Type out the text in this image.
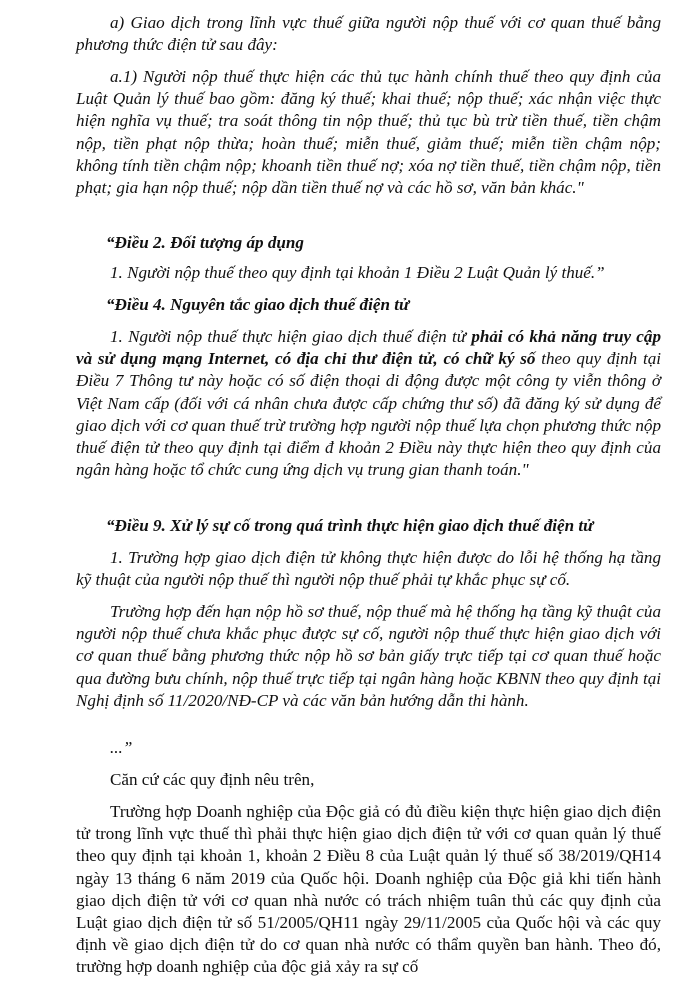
a) Giao dịch trong lĩnh vực thuế giữa người nộp thuế với cơ quan thuế bằng phương thức điện tử sau đây:

a.1) Người nộp thuế thực hiện các thủ tục hành chính thuế theo quy định của Luật Quản lý thuế bao gồm: đăng ký thuế; khai thuế; nộp thuế; xác nhận việc thực hiện nghĩa vụ thuế; tra soát thông tin nộp thuế; thủ tục bù trừ tiền thuế, tiền chậm nộp, tiền phạt nộp thừa; hoàn thuế; miễn thuế, giảm thuế; miễn tiền chậm nộp; không tính tiền chậm nộp; khoanh tiền thuế nợ; xóa nợ tiền thuế, tiền chậm nộp, tiền phạt; gia hạn nộp thuế; nộp dần tiền thuế nợ và các hồ sơ, văn bản khác."

“Điều 2. Đối tượng áp dụng

1. Người nộp thuế theo quy định tại khoản 1 Điều 2 Luật Quản lý thuế.”

“Điều 4. Nguyên tắc giao dịch thuế điện tử

1. Người nộp thuế thực hiện giao dịch thuế điện tử phải có khả năng truy cập và sử dụng mạng Internet, có địa chỉ thư điện tử, có chữ ký số theo quy định tại Điều 7 Thông tư này hoặc có số điện thoại di động được một công ty viễn thông ở Việt Nam cấp (đối với cá nhân chưa được cấp chứng thư số) đã đăng ký sử dụng để giao dịch với cơ quan thuế trừ trường hợp người nộp thuế lựa chọn phương thức nộp thuế điện tử theo quy định tại điểm đ khoản 2 Điều này thực hiện theo quy định của ngân hàng hoặc tổ chức cung ứng dịch vụ trung gian thanh toán."

“Điều 9. Xử lý sự cố trong quá trình thực hiện giao dịch thuế điện tử

1. Trường hợp giao dịch điện tử không thực hiện được do lỗi hệ thống hạ tầng kỹ thuật của người nộp thuế thì người nộp thuế phải tự khắc phục sự cố.

Trường hợp đến hạn nộp hồ sơ thuế, nộp thuế mà hệ thống hạ tầng kỹ thuật của người nộp thuế chưa khắc phục được sự cố, người nộp thuế thực hiện giao dịch với cơ quan thuế bằng phương thức nộp hồ sơ bản giấy trực tiếp tại cơ quan thuế hoặc qua đường bưu chính, nộp thuế trực tiếp tại ngân hàng hoặc KBNN theo quy định tại Nghị định số 11/2020/NĐ-CP và các văn bản hướng dẫn thi hành.

...”

Căn cứ các quy định nêu trên,

Trường hợp Doanh nghiệp của Độc giả có đủ điều kiện thực hiện giao dịch điện tử trong lĩnh vực thuế thì phải thực hiện giao dịch điện tử với cơ quan quản lý thuế theo quy định tại khoản 1, khoản 2 Điều 8 của Luật quản lý thuế số 38/2019/QH14 ngày 13 tháng 6 năm 2019 của Quốc hội. Doanh nghiệp của Độc giả khi tiến hành giao dịch điện tử với cơ quan nhà nước có trách nhiệm tuân thủ các quy định của Luật giao dịch điện tử số 51/2005/QH11 ngày 29/11/2005 của Quốc hội và các quy định về giao dịch điện tử do cơ quan nhà nước có thẩm quyền ban hành. Theo đó, trường hợp doanh nghiệp của độc giả xảy ra sự cố
